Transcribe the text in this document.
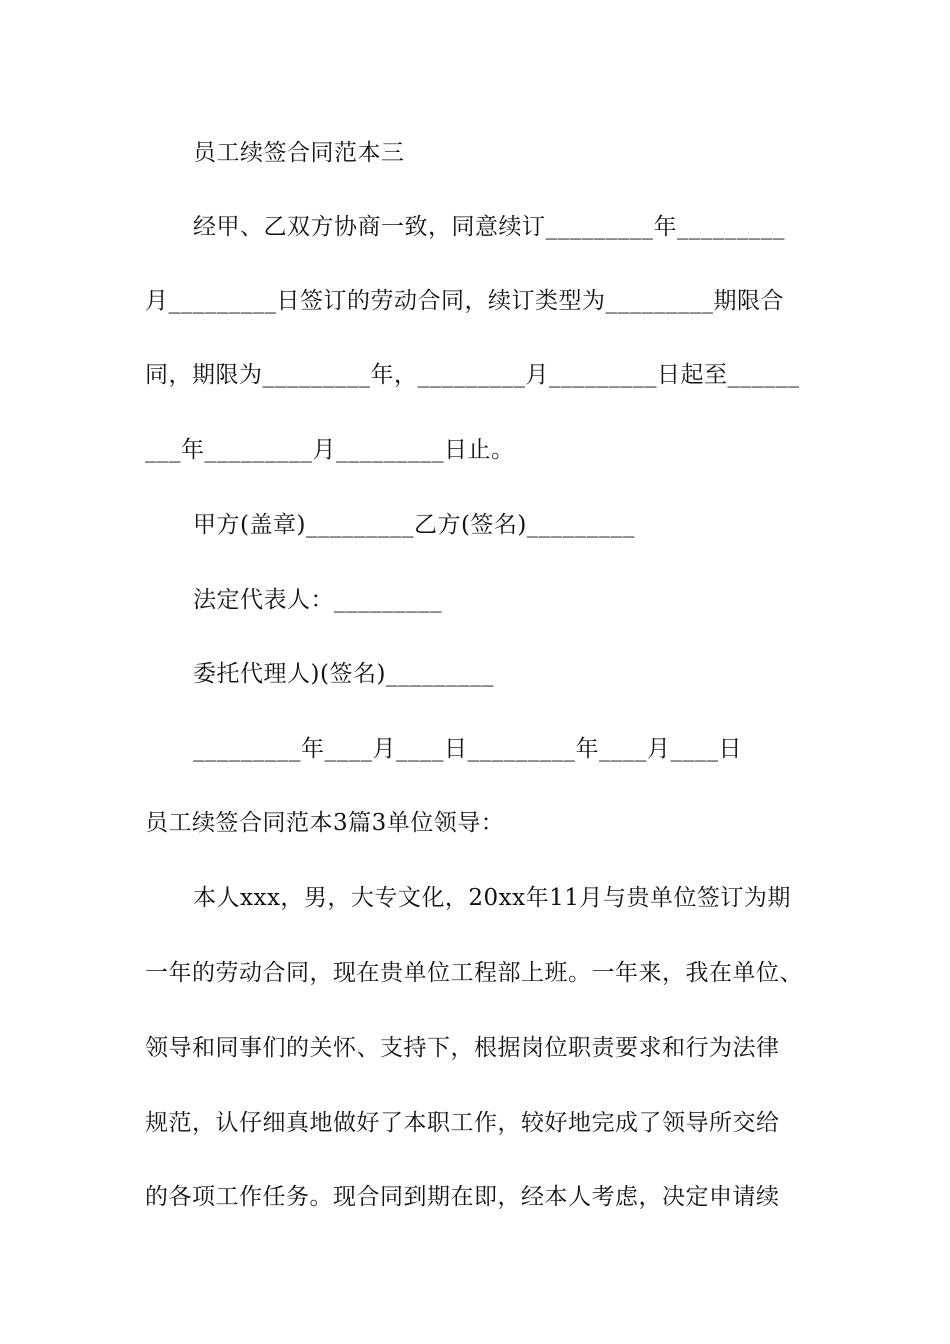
员工续签合同范本三
经甲、乙双方协商一致，同意续订_________年_________
月_________日签订的劳动合同，续订类型为_________期限合
同，期限为_________年，_________月_________日起至______
___年_________月_________日止。
甲方(盖章)_________乙方(签名)_________
法定代表人：_________
委托代理人)(签名)_________
_________年____月____日_________年____月____日
员工续签合同范本3篇3单位领导：
本人xxx，男，大专文化，20xx年11月与贵单位签订为期
一年的劳动合同，现在贵单位工程部上班。一年来，我在单位、
领导和同事们的关怀、支持下，根据岗位职责要求和行为法律
规范，认仔细真地做好了本职工作，较好地完成了领导所交给
的各项工作任务。现合同到期在即，经本人考虑，决定申请续
